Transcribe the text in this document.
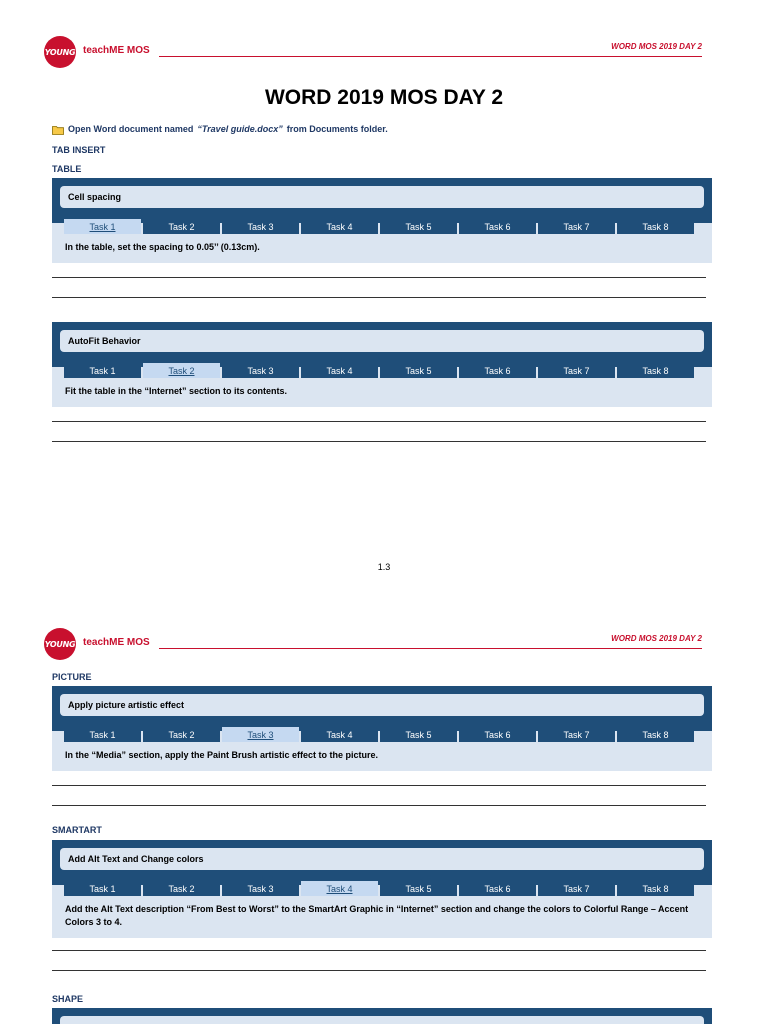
YOUNG teachME MOS	WORD MOS 2019 DAY 2
WORD 2019 MOS DAY 2
Open Word document named “Travel guide.docx” from Documents folder.
TAB INSERT
TABLE
Cell spacing
Task 1	Task 2	Task 3	Task 4	Task 5	Task 6	Task 7	Task 8
In the table, set the spacing to 0.05’’ (0.13cm).
AutoFit Behavior
Task 1	Task 2	Task 3	Task 4	Task 5	Task 6	Task 7	Task 8
Fit the table in the “Internet” section to its contents.
1.3
YOUNG teachME MOS	WORD MOS 2019 DAY 2
PICTURE
Apply picture artistic effect
Task 1	Task 2	Task 3	Task 4	Task 5	Task 6	Task 7	Task 8
In the “Media” section, apply the Paint Brush artistic effect to the picture.
SMARTART
Add Alt Text and Change colors
Task 1	Task 2	Task 3	Task 4	Task 5	Task 6	Task 7	Task 8
Add the Alt Text description “From Best to Worst” to the SmartArt Graphic in “Internet” section and change the colors to Colorful Range – Accent Colors 3 to 4.
SHAPE
